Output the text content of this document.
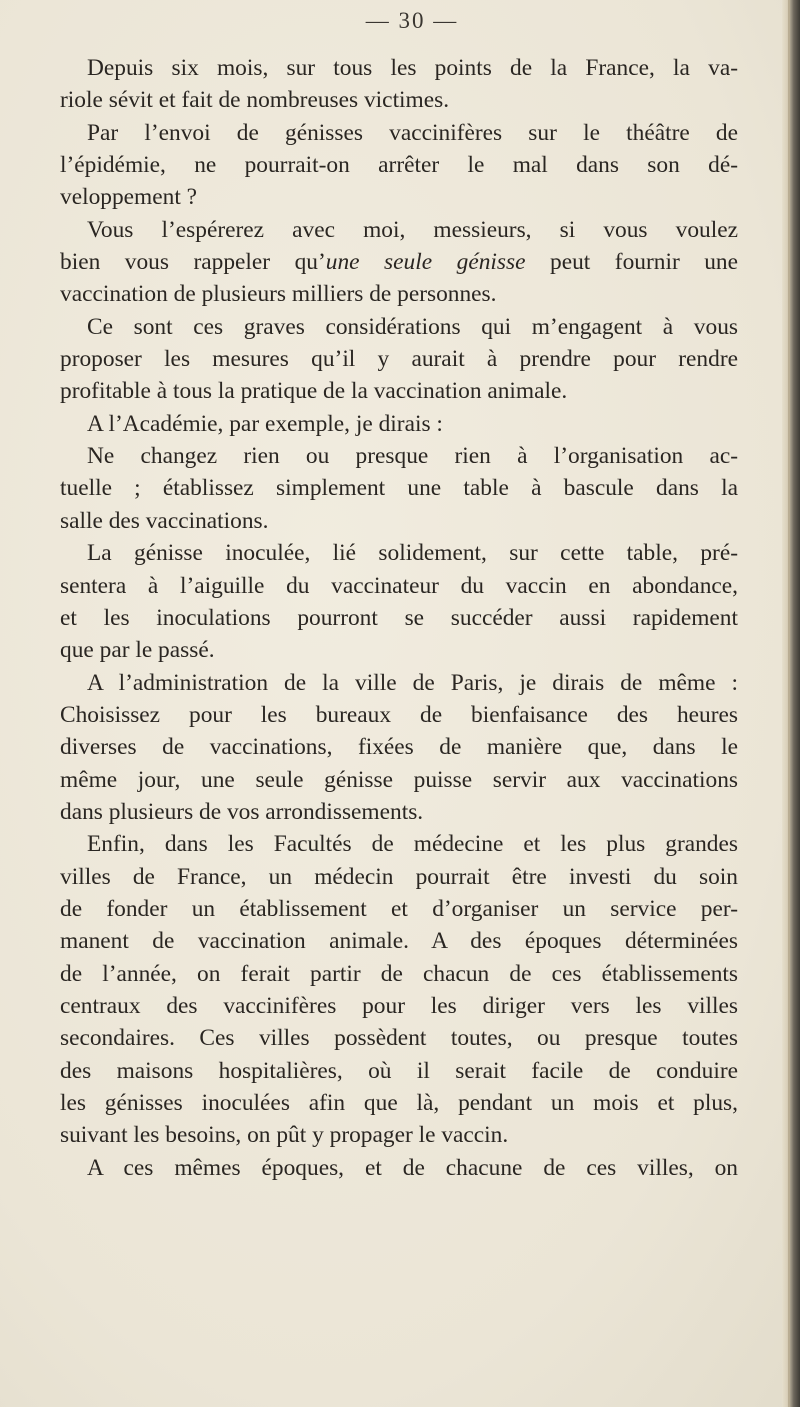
— 30 —
Depuis six mois, sur tous les points de la France, la va-
riole sévit et fait de nombreuses victimes.
Par l’envoi de génisses vaccinifères sur le théâtre de
l’épidémie, ne pourrait-on arrêter le mal dans son dé-
veloppement ?
Vous l’espérerez avec moi, messieurs, si vous voulez
bien vous rappeler qu’une seule génisse peut fournir une
vaccination de plusieurs milliers de personnes.
Ce sont ces graves considérations qui m’engagent à vous
proposer les mesures qu’il y aurait à prendre pour rendre
profitable à tous la pratique de la vaccination animale.
A l’Académie, par exemple, je dirais :
Ne changez rien ou presque rien à l’organisation ac-
tuelle ; établissez simplement une table à bascule dans la
salle des vaccinations.
La génisse inoculée, lié solidement, sur cette table, pré-
sentera à l’aiguille du vaccinateur du vaccin en abondance,
et les inoculations pourront se succéder aussi rapidement
que par le passé.
A l’administration de la ville de Paris, je dirais de même :
Choisissez pour les bureaux de bienfaisance des heures
diverses de vaccinations, fixées de manière que, dans le
même jour, une seule génisse puisse servir aux vaccinations
dans plusieurs de vos arrondissements.
Enfin, dans les Facultés de médecine et les plus grandes
villes de France, un médecin pourrait être investi du soin
de fonder un établissement et d’organiser un service per-
manent de vaccination animale. A des époques déterminées
de l’année, on ferait partir de chacun de ces établissements
centraux des vaccinifères pour les diriger vers les villes
secondaires. Ces villes possèdent toutes, ou presque toutes
des maisons hospitalières, où il serait facile de conduire
les génisses inoculées afin que là, pendant un mois et plus,
suivant les besoins, on pût y propager le vaccin.
A ces mêmes époques, et de chacune de ces villes, on
